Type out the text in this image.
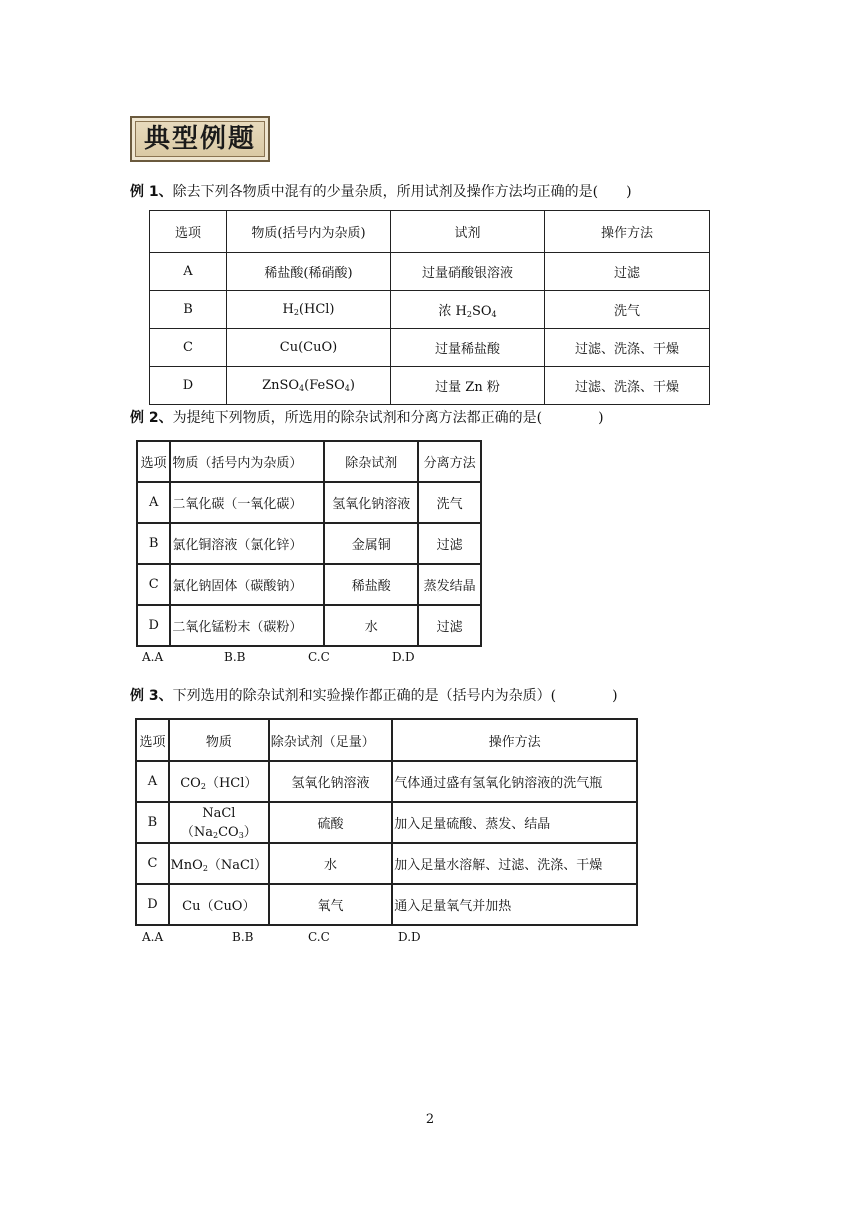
典型例题
例 1、除去下列各物质中混有的少量杂质，所用试剂及操作方法均正确的是(　　)
选项	物质(括号内为杂质)	试剂	操作方法
A	稀盐酸(稀硝酸)	过量硝酸银溶液	过滤
B	$H_2(HCl)$	浓 $H_2SO_4$	洗气
C	Cu(CuO)	过量稀盐酸	过滤、洗涤、干燥
D	ZnSO$_4$(FeSO$_4$)	过量 Zn 粉	过滤、洗涤、干燥
例 2、为提纯下列物质，所选用的除杂试剂和分离方法都正确的是(　　　　)
选项	物质（括号内为杂质）	除杂试剂	分离方法
A	二氧化碳（一氧化碳）	氢氧化钠溶液	洗气
B	氯化铜溶液（氯化锌）	金属铜	过滤
C	氯化钠固体（碳酸钠）	稀盐酸	蒸发结晶
D	二氧化锰粉末（碳粉）	水	过滤
A.A	B.B	C.C	D.D
例 3、下列选用的除杂试剂和实验操作都正确的是（括号内为杂质）(　　　　)
选项	物质	除杂试剂（足量）	操作方法
A	$CO_2(HCl)$	氢氧化钠溶液	气体通过盛有氢氧化钠溶液的洗气瓶
B	$NaCl(Na_2CO_3)$	硫酸	加入足量硫酸、蒸发、结晶
C	MnO$_2$（NaCl）	水	加入足量水溶解、过滤、洗涤、干燥
D	Cu（CuO）	氧气	通入足量氧气并加热
A.A	B.B	C.C	D.D
2
